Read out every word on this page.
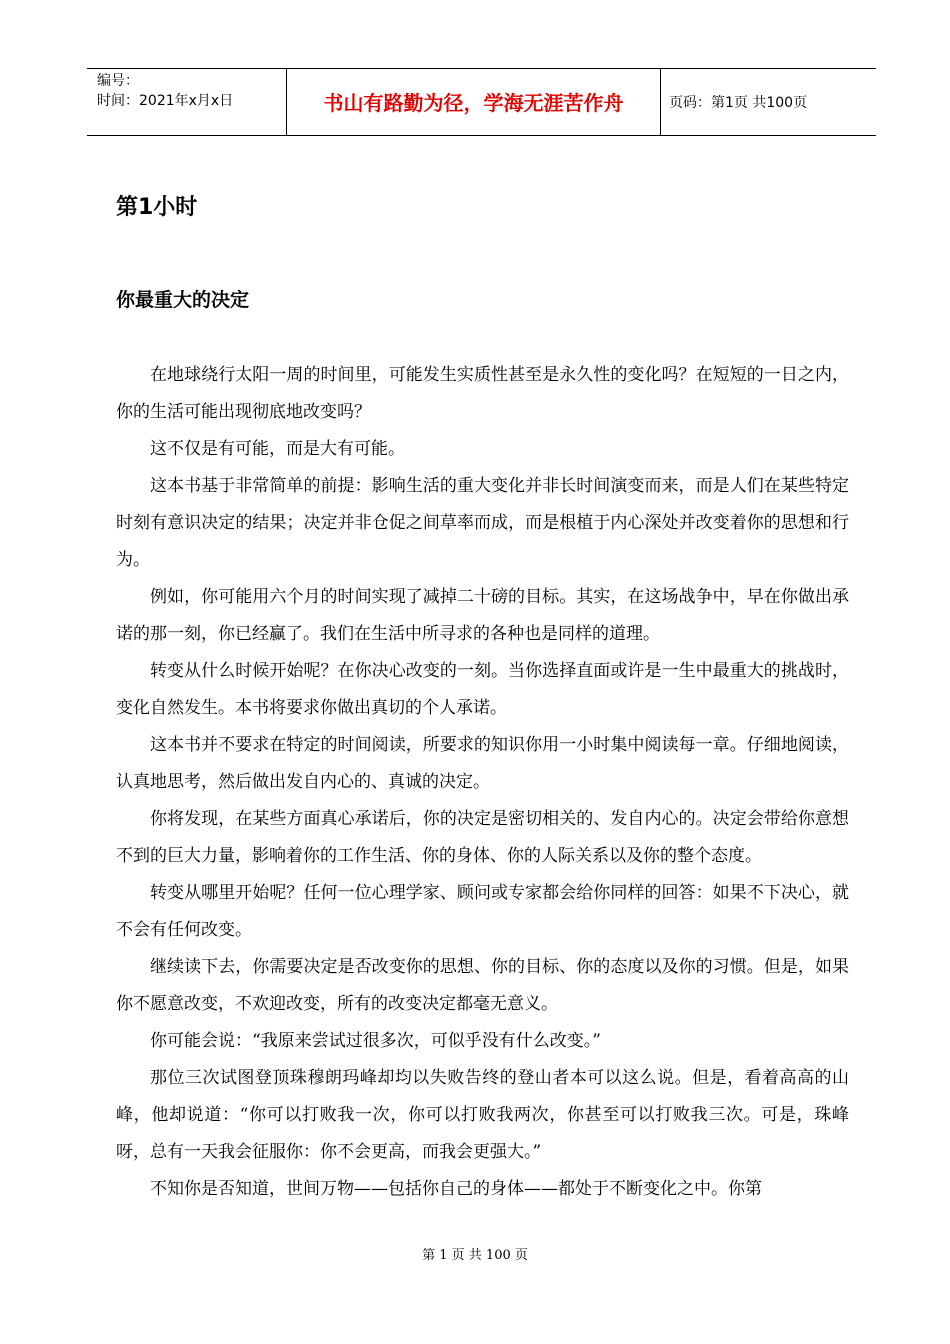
编号：
时间：2021年x月x日	书山有路勤为径，学海无涯苦作舟	页码：第1页 共100页
第1小时
你最重大的决定

在地球绕行太阳一周的时间里，可能发生实质性甚至是永久性的变化吗？在短短的一日之内，你的生活可能出现彻底地改变吗？

这不仅是有可能，而是大有可能。

这本书基于非常简单的前提：影响生活的重大变化并非长时间演变而来，而是人们在某些特定时刻有意识决定的结果；决定并非仓促之间草率而成，而是根植于内心深处并改变着你的思想和行为。

例如，你可能用六个月的时间实现了减掉二十磅的目标。其实，在这场战争中，早在你做出承诺的那一刻，你已经赢了。我们在生活中所寻求的各种也是同样的道理。

转变从什么时候开始呢？在你决心改变的一刻。当你选择直面或许是一生中最重大的挑战时，变化自然发生。本书将要求你做出真切的个人承诺。

这本书并不要求在特定的时间阅读，所要求的知识你用一小时集中阅读每一章。仔细地阅读，认真地思考，然后做出发自内心的、真诚的决定。

你将发现，在某些方面真心承诺后，你的决定是密切相关的、发自内心的。决定会带给你意想不到的巨大力量，影响着你的工作生活、你的身体、你的人际关系以及你的整个态度。

转变从哪里开始呢？任何一位心理学家、顾问或专家都会给你同样的回答：如果不下决心，就不会有任何改变。

继续读下去，你需要决定是否改变你的思想、你的目标、你的态度以及你的习惯。但是，如果你不愿意改变，不欢迎改变，所有的改变决定都毫无意义。

你可能会说：“我原来尝试过很多次，可似乎没有什么改变。”

那位三次试图登顶珠穆朗玛峰却均以失败告终的登山者本可以这么说。但是，看着高高的山峰，他却说道：“你可以打败我一次，你可以打败我两次，你甚至可以打败我三次。可是，珠峰呀，总有一天我会征服你：你不会更高，而我会更强大。”

不知你是否知道，世间万物——包括你自己的身体——都处于不断变化之中。你第

第 1 页 共 100 页
